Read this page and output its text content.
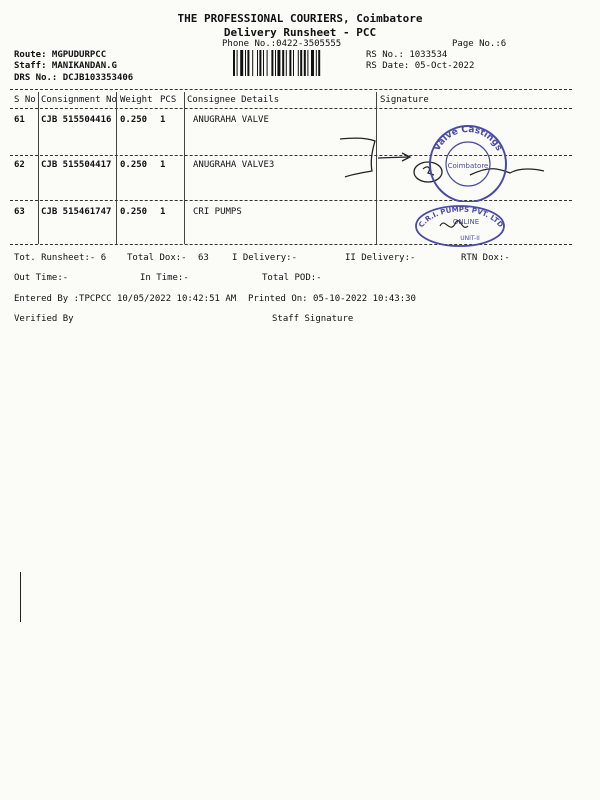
THE PROFESSIONAL COURIERS, Coimbatore
Delivery Runsheet - PCC
Phone No.:0422-3505555	Page No.:6
Route: MGPUDURPCC
Staff: MANIKANDAN.G
DRS No.: DCJB103353406
RS No.: 1033534
RS Date: 05-Oct-2022
S No Consignment No Weight PCS Consignee Details	Signature
61 CJB 515504416 0.250 1	ANUGRAHA VALVE
62 CJB 515504417 0.250 1	ANUGRAHA VALVE3
63 CJB 515461747 0.250 1	CRI PUMPS
Valve Castings
Coimbatore
C.R.I. PUMPS PVT. LTD
ONLINE
UNIT-II
Tot. Runsheet:- 6 Total Dox:- 63	I Delivery:-	II Delivery:-	RTN Dox:-
Out Time:-	In Time:-	Total POD:-
Entered By :TPCPCC 10/05/2022 10:42:51 AM Printed On: 05-10-2022 10:43:30
Verified By	Staff Signature
